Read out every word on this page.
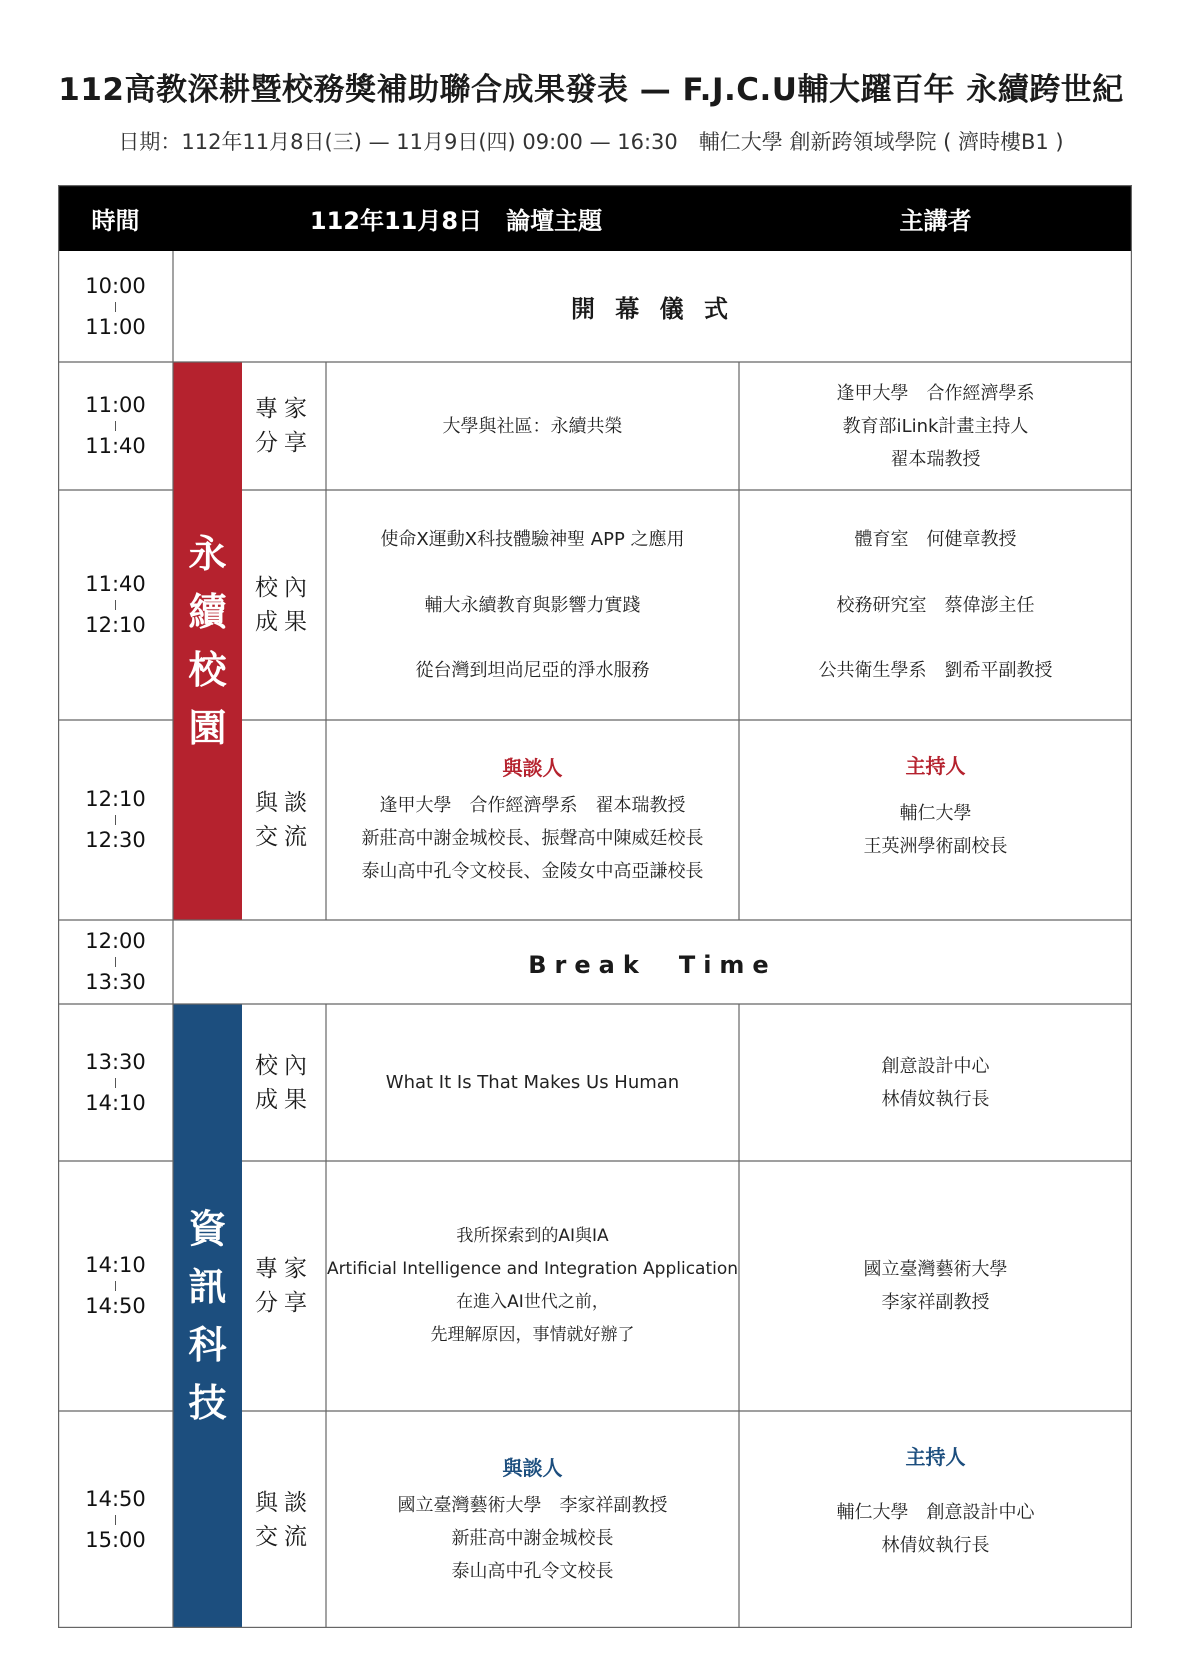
112高教深耕暨校務獎補助聯合成果發表 — F.J.C.U輔大躍百年 永續跨世紀
日期：112年11月8日(三) — 11月9日(四) 09:00 — 16:30　輔仁大學 創新跨領域學院 ( 濟時樓B1 )
時間	112年11月8日　論壇主題	主講者
永
續
校
園
資
訊
科
技
10:00
11:00
開 幕 儀 式
11:00
11:40
專家
分享
大學與社區：永續共榮
逢甲大學　合作經濟學系
教育部iLink計畫主持人
翟本瑞教授
11:40
12:10
校內
成果
使命X運動X科技體驗神聖 APP 之應用
輔大永續教育與影響力實踐
從台灣到坦尚尼亞的淨水服務
體育室　何健章教授
校務研究室　蔡偉澎主任
公共衛生學系　劉希平副教授
12:10
12:30
與談
交流
與談人
逢甲大學　合作經濟學系　翟本瑞教授
新莊高中謝金城校長、振聲高中陳威廷校長
泰山高中孔令文校長、金陵女中高亞謙校長
主持人
輔仁大學
王英洲學術副校長
12:00
13:30
Break　Time
13:30
14:10
校內
成果
What It Is That Makes Us Human
創意設計中心
林倩妏執行長
14:10
14:50
專家
分享
我所探索到的AI與IA
Artificial Intelligence and Integration Application
在進入AI世代之前，
先理解原因，事情就好辦了
國立臺灣藝術大學
李家祥副教授
14:50
15:00
與談
交流
與談人
國立臺灣藝術大學　李家祥副教授
新莊高中謝金城校長
泰山高中孔令文校長
主持人
輔仁大學　創意設計中心
林倩妏執行長
